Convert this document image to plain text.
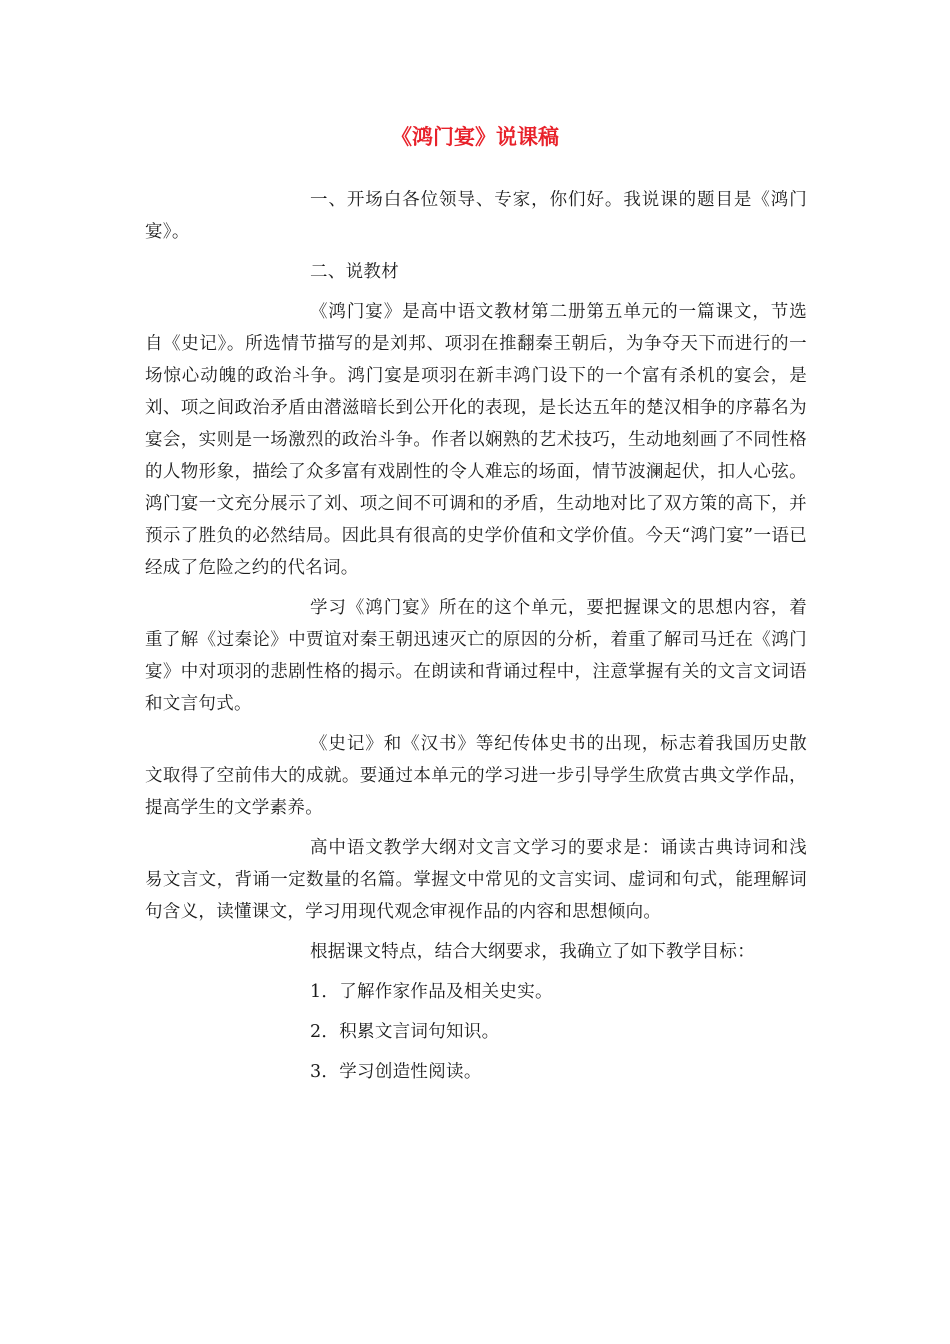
《鸿门宴》说课稿

一、开场白各位领导、专家，你们好。我说课的题目是《鸿门宴》。

二、说教材

《鸿门宴》是高中语文教材第二册第五单元的一篇课文，节选自《史记》。所选情节描写的是刘邦、项羽在推翻秦王朝后，为争夺天下而进行的一场惊心动魄的政治斗争。鸿门宴是项羽在新丰鸿门设下的一个富有杀机的宴会，是刘、项之间政治矛盾由潜滋暗长到公开化的表现，是长达五年的楚汉相争的序幕名为宴会，实则是一场激烈的政治斗争。作者以娴熟的艺术技巧，生动地刻画了不同性格的人物形象，描绘了众多富有戏剧性的令人难忘的场面，情节波澜起伏，扣人心弦。鸿门宴一文充分展示了刘、项之间不可调和的矛盾，生动地对比了双方策的高下，并预示了胜负的必然结局。因此具有很高的史学价值和文学价值。今天“鸿门宴”一语已经成了危险之约的代名词。

学习《鸿门宴》所在的这个单元，要把握课文的思想内容，着重了解《过秦论》中贾谊对秦王朝迅速灭亡的原因的分析，着重了解司马迁在《鸿门宴》中对项羽的悲剧性格的揭示。在朗读和背诵过程中，注意掌握有关的文言文词语和文言句式。

《史记》和《汉书》等纪传体史书的出现，标志着我国历史散文取得了空前伟大的成就。要通过本单元的学习进一步引导学生欣赏古典文学作品，提高学生的文学素养。

高中语文教学大纲对文言文学习的要求是：诵读古典诗词和浅易文言文，背诵一定数量的名篇。掌握文中常见的文言实词、虚词和句式，能理解词句含义，读懂课文，学习用现代观念审视作品的内容和思想倾向。

根据课文特点，结合大纲要求，我确立了如下教学目标：

1．了解作家作品及相关史实。

2．积累文言词句知识。

3．学习创造性阅读。
